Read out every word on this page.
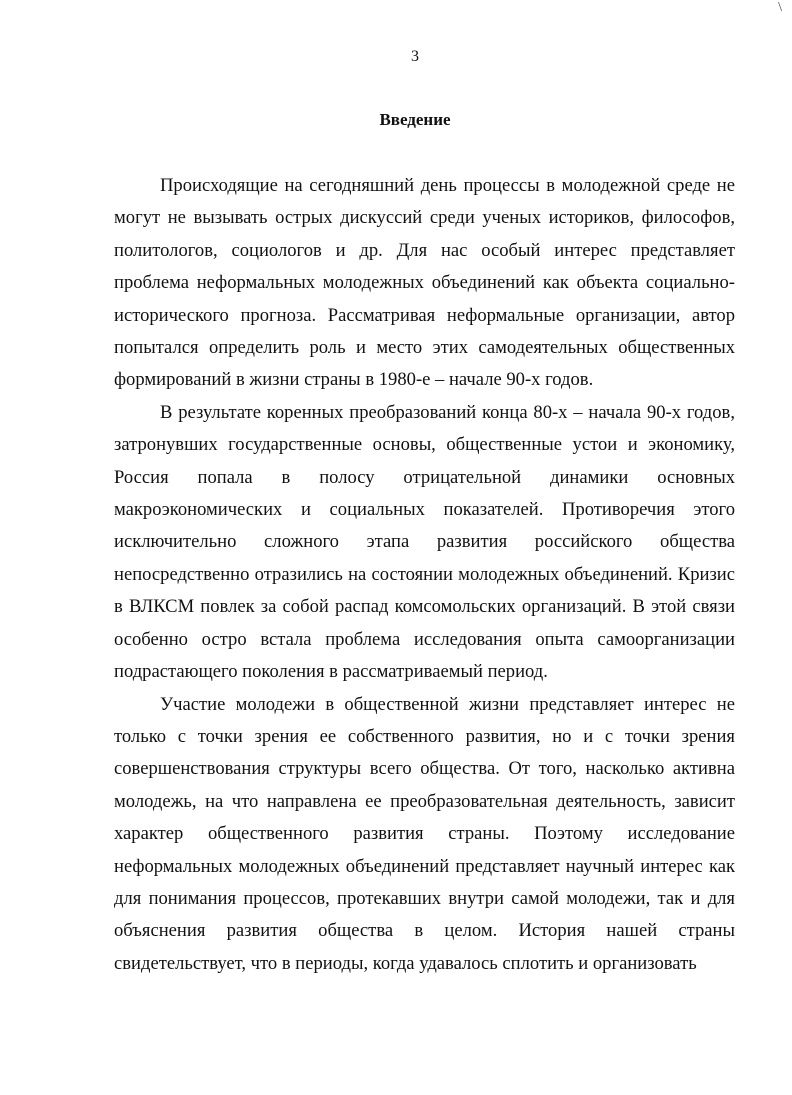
\
3
Введение

Происходящие на сегодняшний день процессы в молодежной среде не могут не вызывать острых дискуссий среди ученых историков, философов, политологов, социологов и др. Для нас особый интерес представляет проблема неформальных молодежных объединений как объекта социально-исторического прогноза. Рассматривая неформальные организации, автор попытался определить роль и место этих самодеятельных общественных формирований в жизни страны в 1980-е – начале 90-х годов.

В результате коренных преобразований конца 80-х – начала 90-х годов, затронувших государственные основы, общественные устои и экономику, Россия попала в полосу отрицательной динамики основных макроэкономических и социальных показателей. Противоречия этого исключительно сложного этапа развития российского общества непосредственно отразились на состоянии молодежных объединений. Кризис в ВЛКСМ повлек за собой распад комсомольских организаций. В этой связи особенно остро встала проблема исследования опыта самоорганизации подрастающего поколения в рассматриваемый период.

Участие молодежи в общественной жизни представляет интерес не только с точки зрения ее собственного развития, но и с точки зрения совершенствования структуры всего общества. От того, насколько активна молодежь, на что направлена ее преобразовательная деятельность, зависит характер общественного развития страны. Поэтому исследование неформальных молодежных объединений представляет научный интерес как для понимания процессов, протекавших внутри самой молодежи, так и для объяснения развития общества в целом. История нашей страны свидетельствует, что в периоды, когда удавалось сплотить и организовать
